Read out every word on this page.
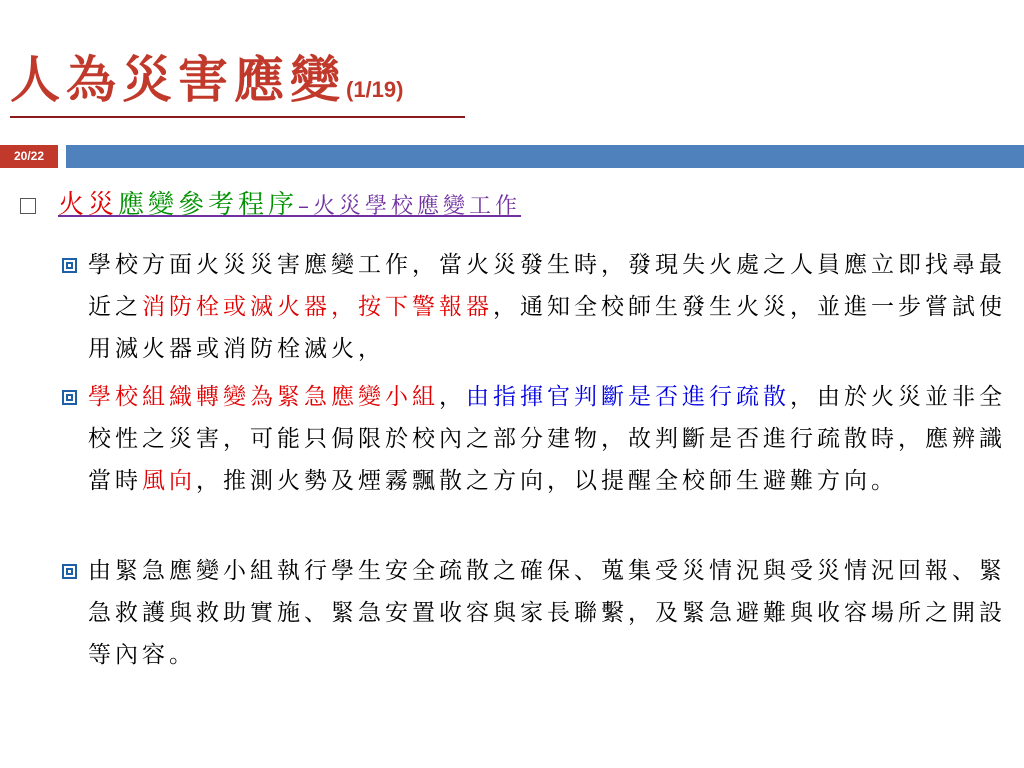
人為災害應變(1/19)
20/22
火災應變參考程序–火災學校應變工作
學校方面火災災害應變工作，當火災發生時，發現失火處之人員應立即找尋最近之消防栓或滅火器，按下警報器，通知全校師生發生火災，並進一步嘗試使用滅火器或消防栓滅火，
學校組織轉變為緊急應變小組，由指揮官判斷是否進行疏散，由於火災並非全校性之災害，可能只侷限於校內之部分建物，故判斷是否進行疏散時，應辨識當時風向，推測火勢及煙霧飄散之方向，以提醒全校師生避難方向。
由緊急應變小組執行學生安全疏散之確保、蒐集受災情況與受災情況回報、緊急救護與救助實施、緊急安置收容與家長聯繫，及緊急避難與收容場所之開設等內容。
